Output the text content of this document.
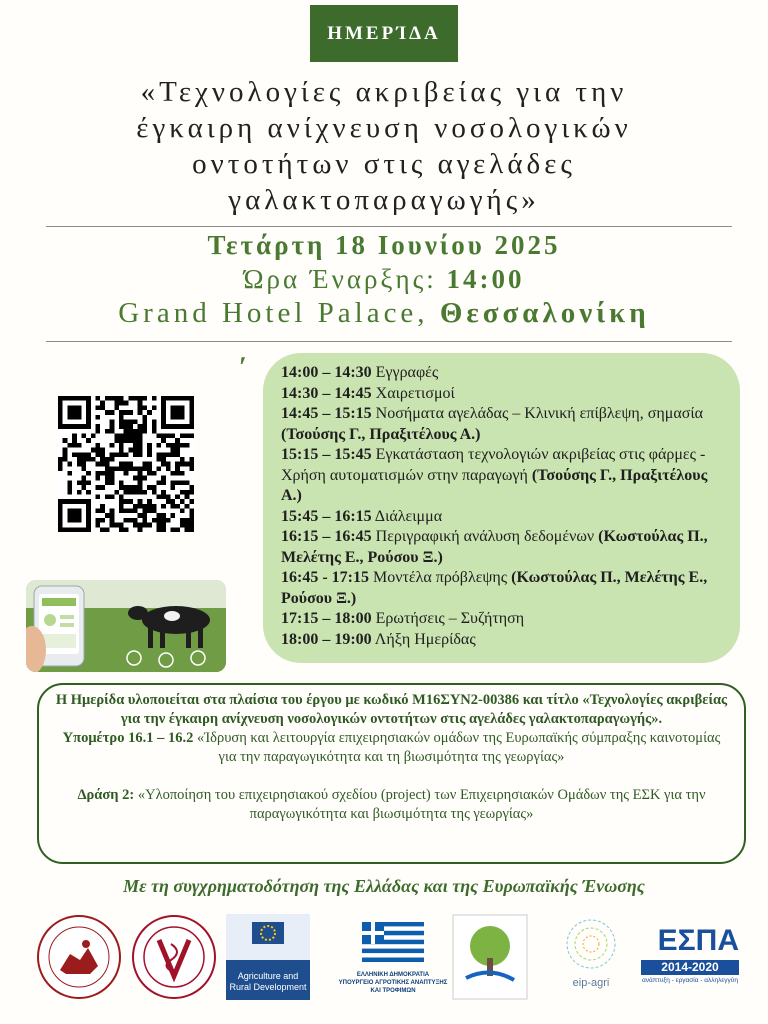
ΗΜΕΡΊΔΑ
«Τεχνολογίες ακριβείας για την
έγκαιρη ανίχνευση νοσολογικών
οντοτήτων στις αγελάδες
γαλακτοπαραγωγής»
Τετάρτη 18 Ιουνίου 2025
Ώρα Έναρξης: 14:00
Grand Hotel Palace, Θεσσαλονίκη
ʹ 14:00 – 14:30 Εγγραφές
14:30 – 14:45 Χαιρετισμοί
14:45 – 15:15 Νοσήματα αγελάδας – Κλινική επίβλεψη, σημασία (Τσούσης Γ., Πραξιτέλους Α.)
15:15 – 15:45 Εγκατάσταση τεχνολογιών ακριβείας στις φάρμες - Χρήση αυτοματισμών στην παραγωγή (Τσούσης Γ., Πραξιτέλους Α.)
15:45 – 16:15 Διάλειμμα
16:15 – 16:45 Περιγραφική ανάλυση δεδομένων (Κωστούλας Π., Μελέτης Ε., Ρούσου Ξ.)
16:45 - 17:15 Μοντέλα πρόβλεψης (Κωστούλας Π., Μελέτης Ε., Ρούσου Ξ.)
17:15 – 18:00 Ερωτήσεις – Συζήτηση
18:00 – 19:00 Λήξη Ημερίδας
Η Ημερίδα υλοποιείται στα πλαίσια του έργου με κωδικό Μ16ΣΥΝ2-00386 και τίτλο «Τεχνολογίες ακριβείας για την έγκαιρη ανίχνευση νοσολογικών οντοτήτων στις αγελάδες γαλακτοπαραγωγής».
Υπομέτρο 16.1 – 16.2 «Ίδρυση και λειτουργία επιχειρησιακών ομάδων της Ευρωπαϊκής σύμπραξης καινοτομίας για την παραγωγικότητα και τη βιωσιμότητα της γεωργίας»
Δράση 2: «Υλοποίηση του επιχειρησιακού σχεδίου (project) των Επιχειρησιακών Ομάδων της ΕΣΚ για την παραγωγικότητα και βιωσιμότητα της γεωργίας»
Με τη συγχρηματοδότηση της Ελλάδας και της Ευρωπαϊκής Ένωσης
Agriculture and
Rural Development
ΕΛΛΗΝΙΚΗ ΔΗΜΟΚΡΑΤΙΑ
ΥΠΟΥΡΓΕΙΟ ΑΓΡΟΤΙΚΗΣ ΑΝΑΠΤΥΞΗΣ ΚΑΙ ΤΡΟΦΙΜΩΝ
eip-agri
ΕΣΠΑ
2014-2020
ανάπτυξη - εργασία - αλληλεγγύη
